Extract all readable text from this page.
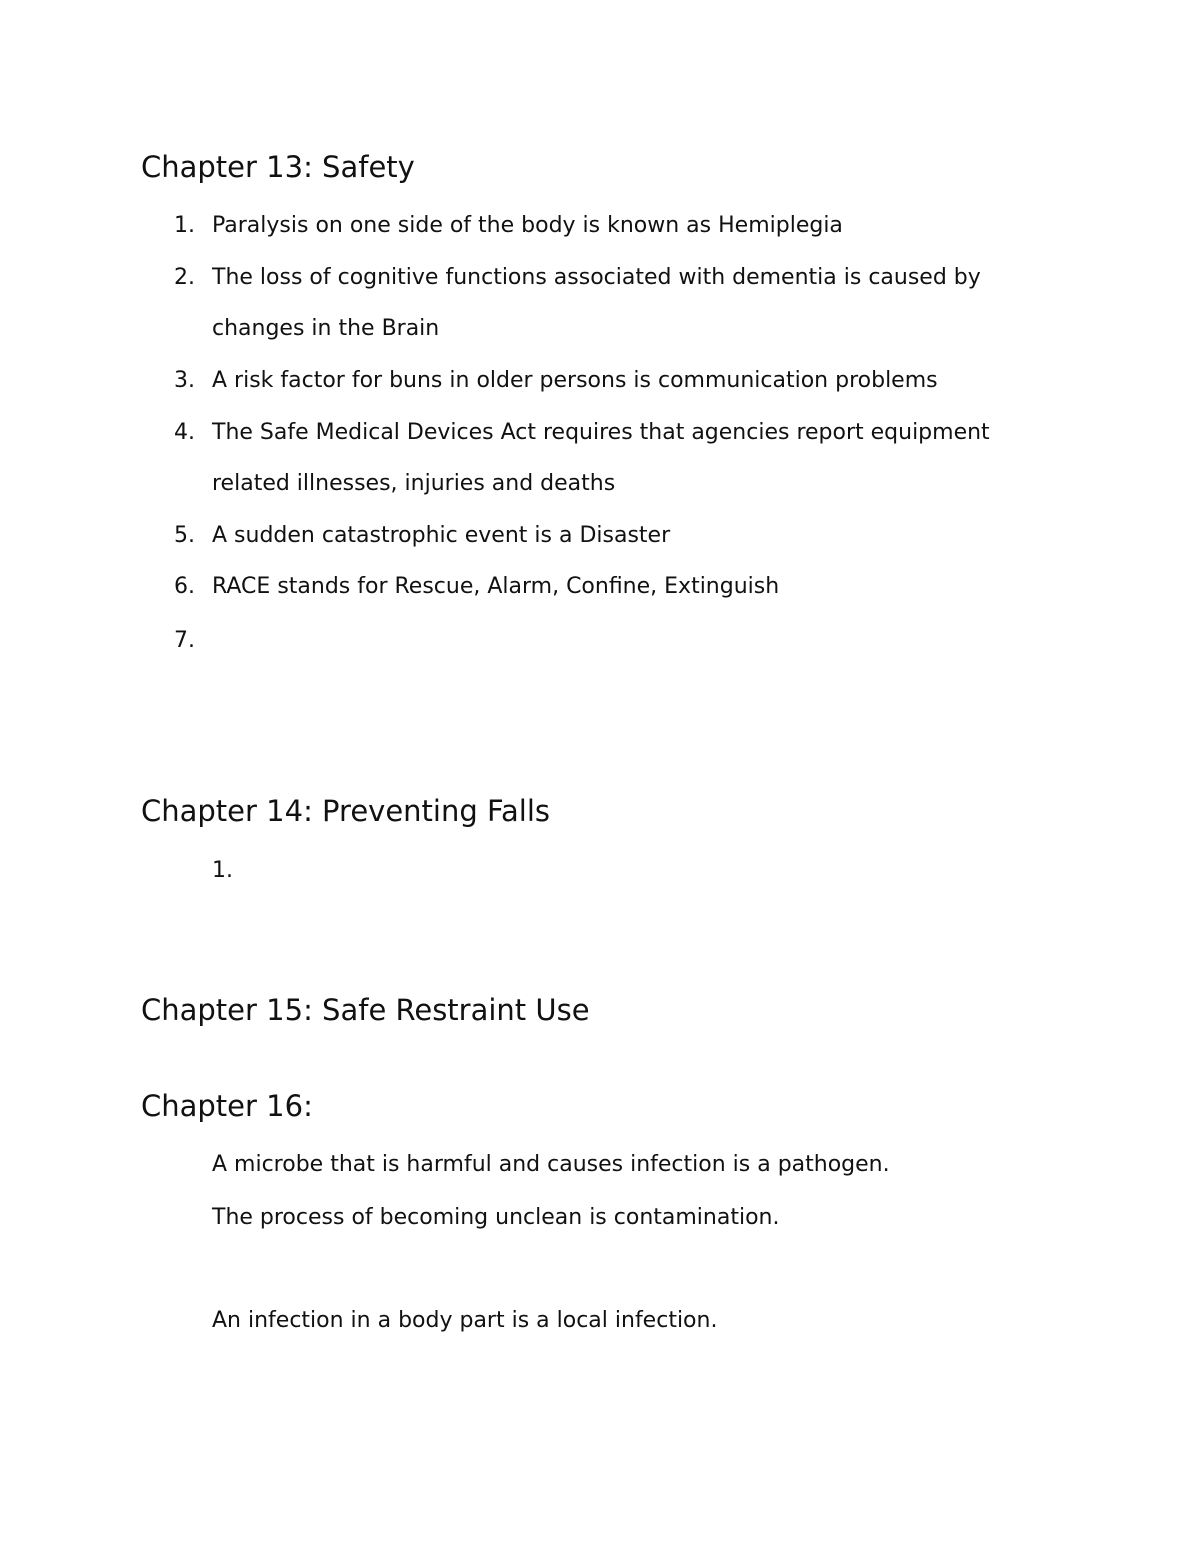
Chapter 13: Safety
1. Paralysis on one side of the body is known as Hemiplegia
2. The loss of cognitive functions associated with dementia is caused by
changes in the Brain
3. A risk factor for buns in older persons is communication problems
4. The Safe Medical Devices Act requires that agencies report equipment
related illnesses, injuries and deaths
5. A sudden catastrophic event is a Disaster
6. RACE stands for Rescue, Alarm, Confine, Extinguish
7.
Chapter 14: Preventing Falls
1.
Chapter 15: Safe Restraint Use
Chapter 16:
A microbe that is harmful and causes infection is a pathogen.
The process of becoming unclean is contamination.
An infection in a body part is a local infection.
